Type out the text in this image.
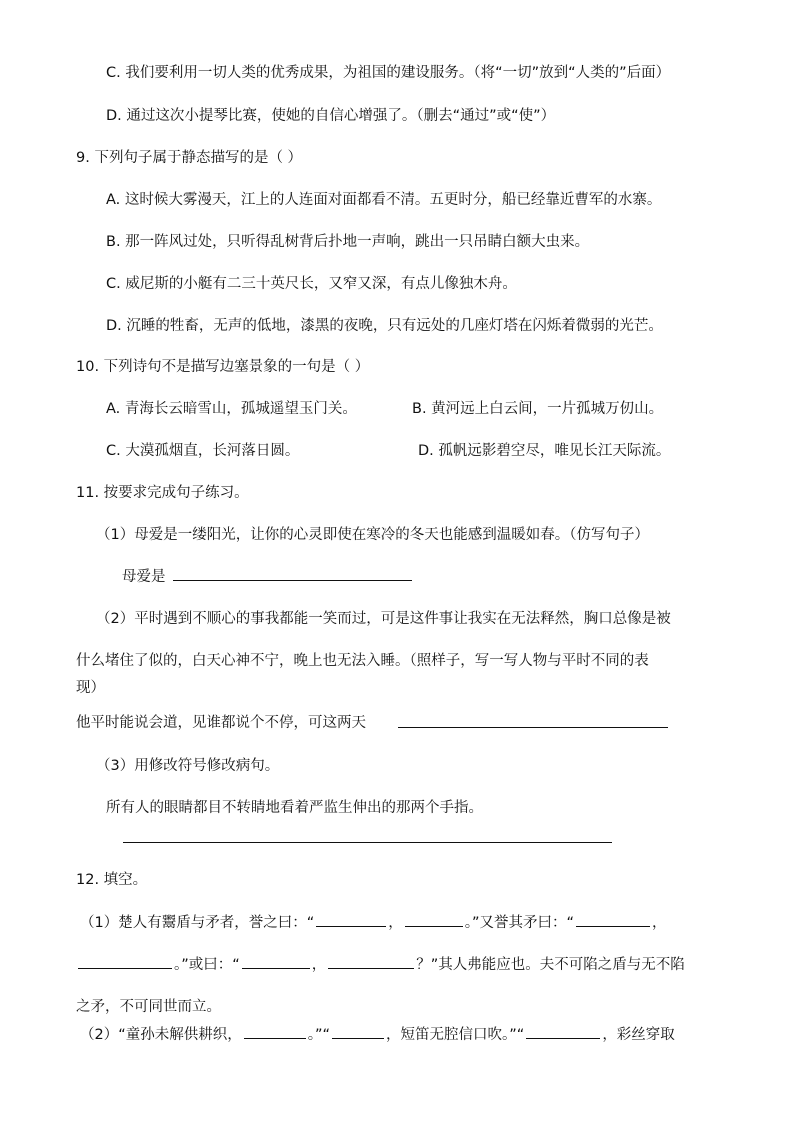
C. 我们要利用一切人类的优秀成果，为祖国的建设服务。（将“一切”放到“人类的”后面）
D. 通过这次小提琴比赛，使她的自信心增强了。（删去“通过”或“使”）
9. 下列句子属于静态描写的是（ ）
A. 这时候大雾漫天，江上的人连面对面都看不清。五更时分，船已经靠近曹军的水寨。
B. 那一阵风过处，只听得乱树背后扑地一声响，跳出一只吊睛白额大虫来。
C. 威尼斯的小艇有二三十英尺长，又窄又深，有点儿像独木舟。
D. 沉睡的牲畜，无声的低地，漆黑的夜晚，只有远处的几座灯塔在闪烁着微弱的光芒。
10. 下列诗句不是描写边塞景象的一句是（ ）
A. 青海长云暗雪山，孤城遥望玉门关。	B. 黄河远上白云间，一片孤城万仞山。
C. 大漠孤烟直，长河落日圆。	D. 孤帆远影碧空尽，唯见长江天际流。
11. 按要求完成句子练习。
（1）母爱是一缕阳光，让你的心灵即使在寒冷的冬天也能感到温暖如春。（仿写句子）
母爱是
（2）平时遇到不顺心的事我都能一笑而过，可是这件事让我实在无法释然，胸口总像是被
什么堵住了似的，白天心神不宁，晚上也无法入睡。（照样子，写一写人物与平时不同的表
现）
他平时能说会道，见谁都说个不停，可这两天
（3）用修改符号修改病句。
所有人的眼睛都目不转睛地看着严监生伸出的那两个手指。
12. 填空。
（1）楚人有鬻盾与矛者，誉之曰：“	，	。”又誉其矛曰：“	，
。”或曰：“	，	？”其人弗能应也。夫不可陷之盾与无不陷
之矛，不可同世而立。
（2）“童孙未解供耕织，	。”“	，短笛无腔信口吹。”“	，彩丝穿取
